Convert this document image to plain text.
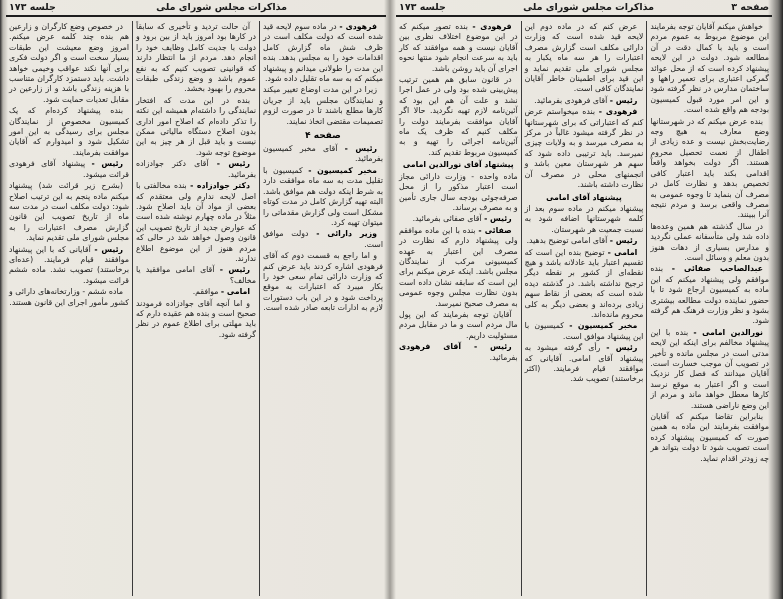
صفحه ۳
مذاکرات مجلس شورای ملی
جلسه ۱۷۳

خواهش میکنم آقایان توجه بفرمایند این موضوع مربوط به عموم مردم است و باید با کمال دقت در آن مطالعه شود. دولت در این لایحه پیشنهاد کرده است که از محل عوائد گمرکی اعتباری برای تعمیر راهها و ساختمان مدارس در نظر گرفته شود و این امر مورد قبول کمیسیون بودجه هم واقع شده است.

بنده عرض میکنم که در شهرستانها وضع معارف به هیچ وجه رضایت‌بخش نیست و عده زیادی از اطفال از نعمت تحصیل محروم هستند. اگر دولت بخواهد واقعاً اقدامی بکند باید اعتبار کافی تخصیص بدهد و نظارت کامل در مصرف آن بنماید تا وجوه عمومی به مصرف واقعی برسد و مردم نتیجه آنرا ببینند.

در سال گذشته هم همین وعده‌ها داده شد ولی متأسفانه عملی نگردید و مدارس بسیاری از دهات هنوز بدون معلم و وسائل است.

عبدالصاحب صفائی - بنده موافقم ولی پیشنهاد میکنم که این ماده به کمیسیون ارجاع شود تا با حضور نماینده دولت مطالعه بیشتری بشود و نظر وزارت فرهنگ هم گرفته شود.

نورالدین امامی - بنده با این پیشنهاد مخالفم برای اینکه این لایحه مدتی است در مجلس مانده و تأخیر در تصویب آن موجب خسارت است. آقایان میدانند که فصل کار نزدیک است و اگر اعتبار به موقع نرسد کارها معطل خواهد ماند و مردم از این وضع ناراضی هستند.

بنابراین تقاضا میکنم که آقایان موافقت بفرمایند این ماده به همین صورت که کمیسیون پیشنهاد کرده است تصویب شود تا دولت بتواند هر چه زودتر اقدام نماید.

عرض کنم که در ماده دوم این لایحه قید شده است که وزارت دارائی مکلف است گزارش مصرف اعتبارات را هر سه ماه یکبار به مجلس شورای ملی تقدیم نماید و این قید برای اطمینان خاطر آقایان نمایندگان کافی است.

رئیس - آقای فرهودی بفرمائید.

فرهودی - بنده میخواستم عرض کنم که اعتباراتی که برای شهرستانها در نظر گرفته میشود غالباً در مرکز به مصرف میرسد و به ولایات چیزی نمیرسد. باید ترتیبی داده شود که سهم هر شهرستان معین باشد و انجمنهای محلی در مصرف آن نظارت داشته باشند.

پیشنهاد آقای امامی
پیشنهاد میکنم در ماده سوم بعد از کلمه شهرستانها اضافه شود به نسبت جمعیت هر شهرستان.

رئیس - آقای امامی توضیح بدهید.

امامی - توضیح بنده این است که تقسیم اعتبار باید عادلانه باشد و هیچ نقطه‌ای از کشور بر نقطه دیگر ترجیح نداشته باشد. در گذشته دیده شده است که بعضی از نقاط سهم زیادی برده‌اند و بعضی دیگر به کلی محروم مانده‌اند.

مخبر کمیسیون - کمیسیون با این پیشنهاد موافق است.

رئیس - رأی گرفته میشود به پیشنهاد آقای امامی. آقایانی که موافقند قیام فرمایند. (اکثر برخاستند) تصویب شد.

فرهودی - بنده تصور میکنم که در این موضوع اختلاف نظری بین آقایان نیست و همه موافقند که کار باید به سرعت انجام شود منتها نحوه اجرای آن باید روشن باشد.

در قانون سابق هم همین ترتیب پیش‌بینی شده بود ولی در عمل اجرا نشد و علت آن هم این بود که آئین‌نامه لازم تهیه نگردید. حالا اگر آقایان موافقت بفرمایند دولت را مکلف کنیم که ظرف یک ماه آئین‌نامه اجرائی را تهیه و به کمیسیون مربوط تقدیم کند.

پیشنهاد آقای نورالدین امامی
ماده واحده - وزارت دارائی مجاز است اعتبار مذکور را از محل صرفه‌جوئی بودجه سال جاری تأمین و به مصرف برساند.

رئیس - آقای صفائی بفرمائید.

صفائی - بنده با این ماده موافقم ولی پیشنهاد دارم که نظارت در مصرف این اعتبار به عهده کمیسیونی مرکب از نمایندگان مجلس باشد. اینکه عرض میکنم برای این است که سابقه نشان داده است بدون نظارت مجلس وجوه عمومی به مصرف صحیح نمیرسد.

آقایان توجه بفرمایند که این پول مال مردم است و ما در مقابل مردم مسئولیت داریم.

رئیس - آقای فرهودی بفرمائید.

مذاکرات مجلس شورای ملی
جلسه ۱۷۳

فرهودی - در ماده سوم لایحه قید شده است که دولت مکلف است در ظرف شش ماه گزارش کامل اقدامات خود را به مجلس بدهد. بنده این مدت را طولانی میدانم و پیشنهاد میکنم که به سه ماه تقلیل داده شود.

زیرا در این مدت اوضاع تغییر میکند و نمایندگان مجلس باید از جریان کارها مطلع باشند تا در صورت لزوم تصمیمات مقتضی اتخاذ نمایند.

صفحه ۴

رئیس - آقای مخبر کمیسیون بفرمائید.

مخبر کمیسیون - کمیسیون با تقلیل مدت به سه ماه موافقت دارد به شرط اینکه دولت هم موافق باشد. البته تهیه گزارش کامل در مدت کوتاه مشکل است ولی گزارش مقدماتی را میتوان تهیه کرد.

وزیر دارائی - دولت موافق است.

و اما راجع به قسمت دوم که آقای فرهودی اشاره کردند باید عرض کنم که وزارت دارائی تمام سعی خود را بکار میبرد که اعتبارات به موقع پرداخت شود و در این باب دستورات لازم به ادارات تابعه صادر شده است.

آن حالت تردید و تأخیری که سابقاً در کارها بود امروز باید از بین برود و دولت با جدیت کامل وظایف خود را انجام دهد. مردم از ما انتظار دارند که قوانینی تصویب کنیم که به نفع عموم باشد و وضع زندگی طبقات محروم را بهبود بخشد.

بنده در این مدت که افتخار نمایندگی را داشته‌ام همیشه این نکته را تذکر داده‌ام که اصلاح امور اداری بدون اصلاح دستگاه مالیاتی ممکن نیست و باید قبل از هر چیز به این موضوع توجه شود.

رئیس - آقای دکتر جوادزاده بفرمائید.

دکتر جوادزاده - بنده مخالفتی با اصل لایحه ندارم ولی معتقدم که بعضی از مواد آن باید اصلاح شود. مثلاً در ماده چهارم نوشته شده است که عوارض جدید از تاریخ تصویب این قانون وصول خواهد شد در حالی که مردم هنوز از این موضوع اطلاع ندارند.

رئیس - آقای امامی موافقید یا مخالف؟

امامی - موافقم.

و اما آنچه آقای جوادزاده فرمودند صحیح است و بنده هم عقیده دارم که باید مهلتی برای اطلاع عموم در نظر گرفته شود.

در خصوص وضع کارگران و زارعین هم بنده چند کلمه عرض میکنم. امروز وضع معیشت این طبقات بسیار سخت است و اگر دولت فکری برای آنها نکند عواقب وخیمی خواهد داشت. باید دستمزد کارگران متناسب با هزینه زندگی باشد و از زارعین در مقابل تعدیات حمایت شود.

بنده پیشنهاد کرده‌ام که یک کمیسیون مخصوص از نمایندگان مجلس برای رسیدگی به این امور تشکیل شود و امیدوارم که آقایان موافقت بفرمایند.

رئیس - پیشنهاد آقای فرهودی قرائت میشود.

(بشرح زیر قرائت شد) پیشنهاد میکنم ماده پنجم به این ترتیب اصلاح شود: دولت مکلف است در مدت سه ماه از تاریخ تصویب این قانون گزارش مصرف اعتبارات را به مجلس شورای ملی تقدیم نماید.

رئیس - آقایانی که با این پیشنهاد موافقند قیام فرمایند. (عده‌ای برخاستند) تصویب نشد. ماده ششم قرائت میشود.

ماده ششم - وزارتخانه‌های دارائی و کشور مأمور اجرای این قانون هستند.
